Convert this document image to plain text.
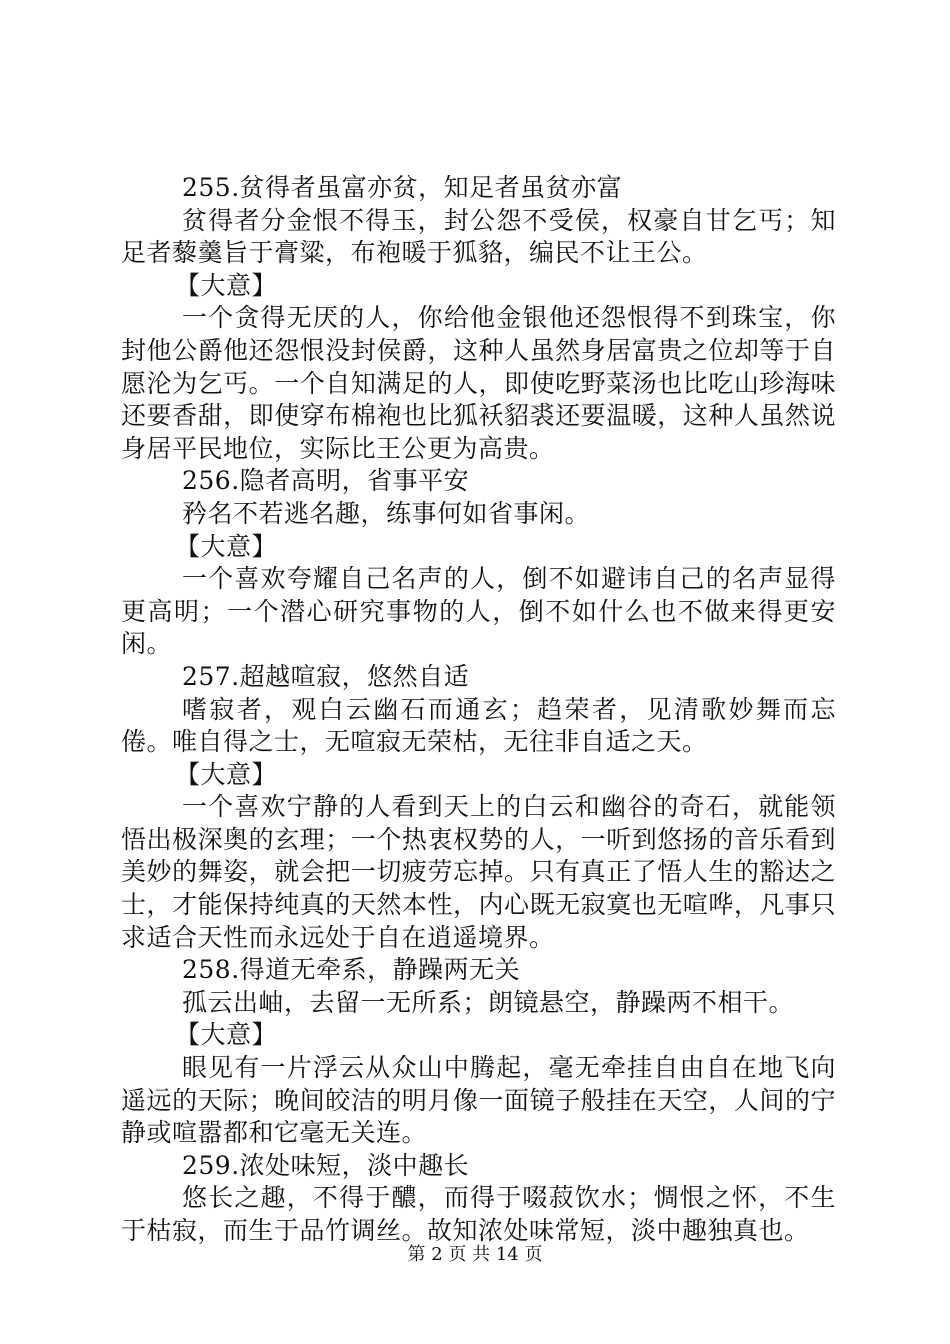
255.贫得者虽富亦贫，知足者虽贫亦富

贫得者分金恨不得玉，封公怨不受侯，权豪自甘乞丐；知足者藜羹旨于膏粱，布袍暖于狐貉，编民不让王公。

【大意】

一个贪得无厌的人，你给他金银他还怨恨得不到珠宝，你封他公爵他还怨恨没封侯爵，这种人虽然身居富贵之位却等于自愿沦为乞丐。一个自知满足的人，即使吃野菜汤也比吃山珍海味还要香甜，即使穿布棉袍也比狐袄貂裘还要温暖，这种人虽然说身居平民地位，实际比王公更为高贵。

256.隐者高明，省事平安

矜名不若逃名趣，练事何如省事闲。

【大意】

一个喜欢夸耀自己名声的人，倒不如避讳自己的名声显得更高明；一个潜心研究事物的人，倒不如什么也不做来得更安闲。

257.超越喧寂，悠然自适

嗜寂者，观白云幽石而通玄；趋荣者，见清歌妙舞而忘倦。唯自得之士，无喧寂无荣枯，无往非自适之天。

【大意】

一个喜欢宁静的人看到天上的白云和幽谷的奇石，就能领悟出极深奥的玄理；一个热衷权势的人，一听到悠扬的音乐看到美妙的舞姿，就会把一切疲劳忘掉。只有真正了悟人生的豁达之士，才能保持纯真的天然本性，内心既无寂寞也无喧哗，凡事只求适合天性而永远处于自在逍遥境界。

258.得道无牵系，静躁两无关

孤云出岫，去留一无所系；朗镜悬空，静躁两不相干。

【大意】

眼见有一片浮云从众山中腾起，毫无牵挂自由自在地飞向遥远的天际；晚间皎洁的明月像一面镜子般挂在天空，人间的宁静或喧嚣都和它毫无关连。

259.浓处味短，淡中趣长

悠长之趣，不得于醲，而得于啜菽饮水；惆恨之怀，不生于枯寂，而生于品竹调丝。故知浓处味常短，淡中趣独真也。

第 2 页 共 14 页
